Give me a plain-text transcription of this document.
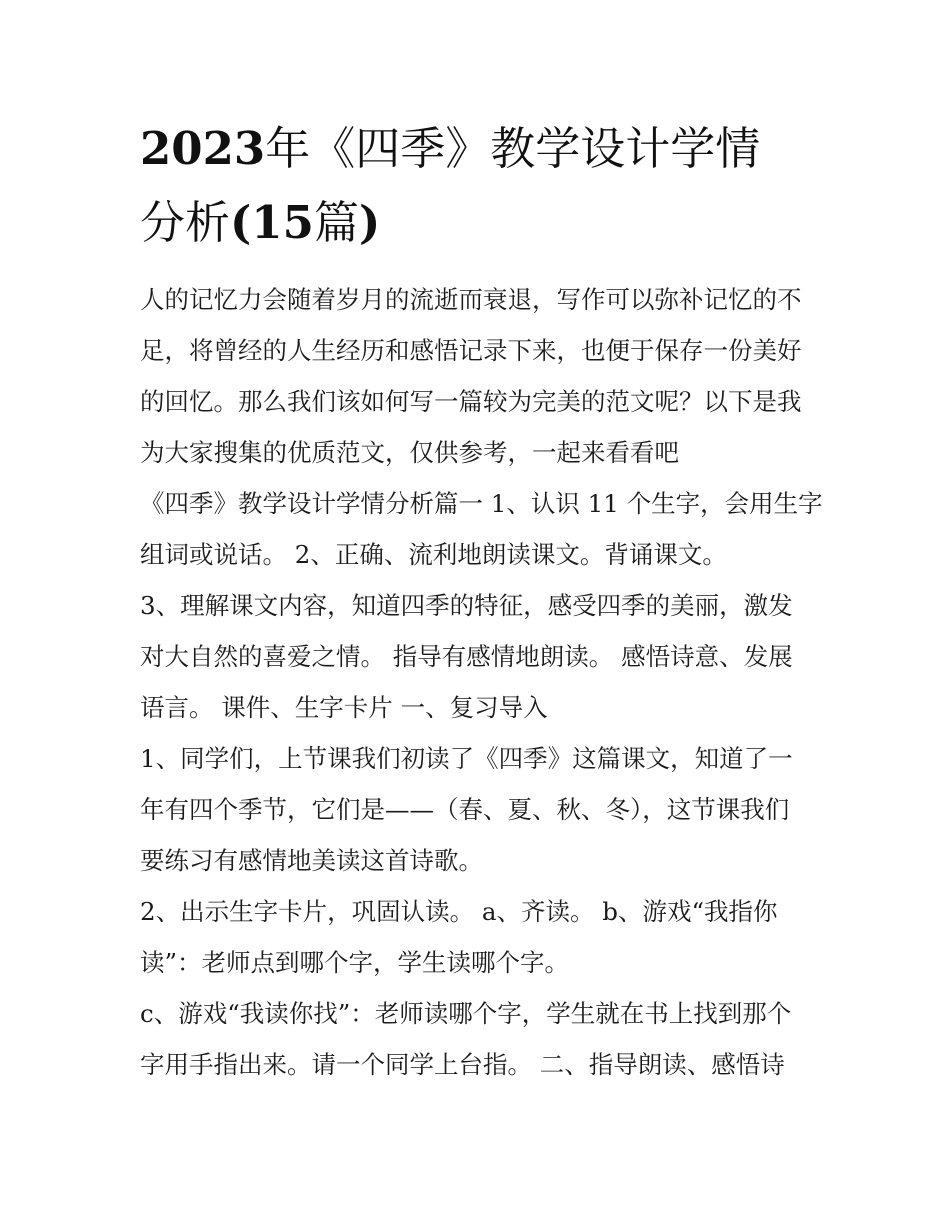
2023年《四季》教学设计学情
分析(15篇)

人的记忆力会随着岁月的流逝而衰退，写作可以弥补记忆的不
足，将曾经的人生经历和感悟记录下来，也便于保存一份美好
的回忆。那么我们该如何写一篇较为完美的范文呢？以下是我
为大家搜集的优质范文，仅供参考，一起来看看吧

《四季》教学设计学情分析篇一 1、认识 11 个生字，会用生字
组词或说话。 2、正确、流利地朗读课文。背诵课文。

3、理解课文内容，知道四季的特征，感受四季的美丽，激发
对大自然的喜爱之情。 指导有感情地朗读。 感悟诗意、发展
语言。 课件、生字卡片 一、复习导入

1、同学们，上节课我们初读了《四季》这篇课文，知道了一
年有四个季节，它们是——（春、夏、秋、冬），这节课我们
要练习有感情地美读这首诗歌。

2、出示生字卡片，巩固认读。 a、齐读。 b、游戏“我指你
读”：老师点到哪个字，学生读哪个字。

c、游戏“我读你找”：老师读哪个字，学生就在书上找到那个
字用手指出来。请一个同学上台指。 二、指导朗读、感悟诗
